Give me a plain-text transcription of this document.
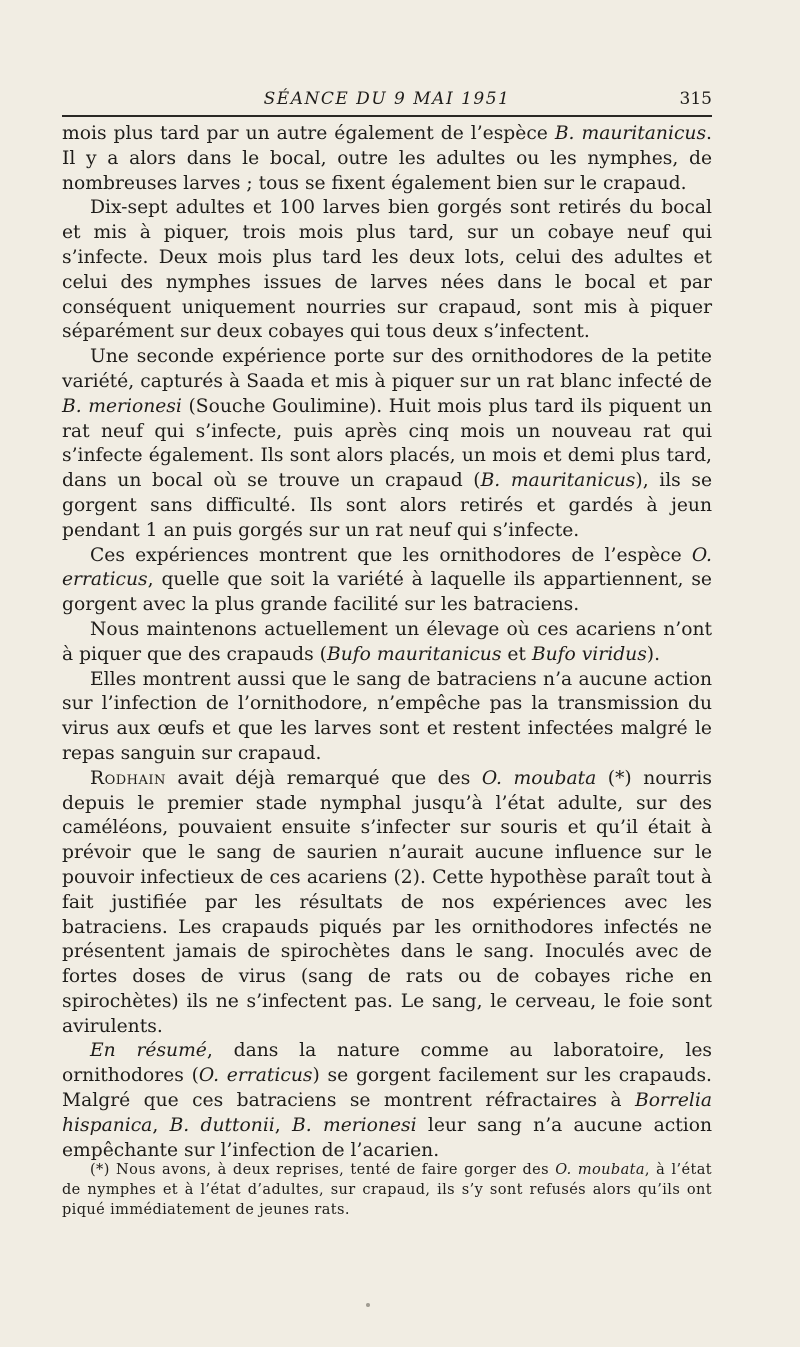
SÉANCE DU 9 MAI 1951	315

mois plus tard par un autre également de l’espèce B. mauritanicus. Il y a alors dans le bocal, outre les adultes ou les nymphes, de nombreuses larves ; tous se fixent également bien sur le crapaud.

Dix-sept adultes et 100 larves bien gorgés sont retirés du bocal et mis à piquer, trois mois plus tard, sur un cobaye neuf qui s’infecte. Deux mois plus tard les deux lots, celui des adultes et celui des nymphes issues de larves nées dans le bocal et par conséquent uniquement nourries sur crapaud, sont mis à piquer séparément sur deux cobayes qui tous deux s’infectent.

Une seconde expérience porte sur des ornithodores de la petite variété, capturés à Saada et mis à piquer sur un rat blanc infecté de B. merionesi (Souche Goulimine). Huit mois plus tard ils piquent un rat neuf qui s’infecte, puis après cinq mois un nouveau rat qui s’infecte également. Ils sont alors placés, un mois et demi plus tard, dans un bocal où se trouve un crapaud (B. mauritanicus), ils se gorgent sans difficulté. Ils sont alors retirés et gardés à jeun pendant 1 an puis gorgés sur un rat neuf qui s’infecte.

Ces expériences montrent que les ornithodores de l’espèce O. erraticus, quelle que soit la variété à laquelle ils appartiennent, se gorgent avec la plus grande facilité sur les batraciens.

Nous maintenons actuellement un élevage où ces acariens n’ont à piquer que des crapauds (Bufo mauritanicus et Bufo viridus).

Elles montrent aussi que le sang de batraciens n’a aucune action sur l’infection de l’ornithodore, n’empêche pas la transmission du virus aux œufs et que les larves sont et restent infectées malgré le repas sanguin sur crapaud.

Rodhain avait déjà remarqué que des O. moubata (*) nourris depuis le premier stade nymphal jusqu’à l’état adulte, sur des caméléons, pouvaient ensuite s’infecter sur souris et qu’il était à prévoir que le sang de saurien n’aurait aucune influence sur le pouvoir infectieux de ces acariens (2). Cette hypothèse paraît tout à fait justifiée par les résultats de nos expériences avec les batraciens. Les crapauds piqués par les ornithodores infectés ne présentent jamais de spirochètes dans le sang. Inoculés avec de fortes doses de virus (sang de rats ou de cobayes riche en spirochètes) ils ne s’infectent pas. Le sang, le cerveau, le foie sont avirulents.

En résumé, dans la nature comme au laboratoire, les ornithodores (O. erraticus) se gorgent facilement sur les crapauds. Malgré que ces batraciens se montrent réfractaires à Borrelia hispanica, B. duttonii, B. merionesi leur sang n’a aucune action empêchante sur l’infection de l’acarien.

(*) Nous avons, à deux reprises, tenté de faire gorger des O. moubata, à l’état de nymphes et à l’état d’adultes, sur crapaud, ils s’y sont refusés alors qu’ils ont piqué immédiatement de jeunes rats.
